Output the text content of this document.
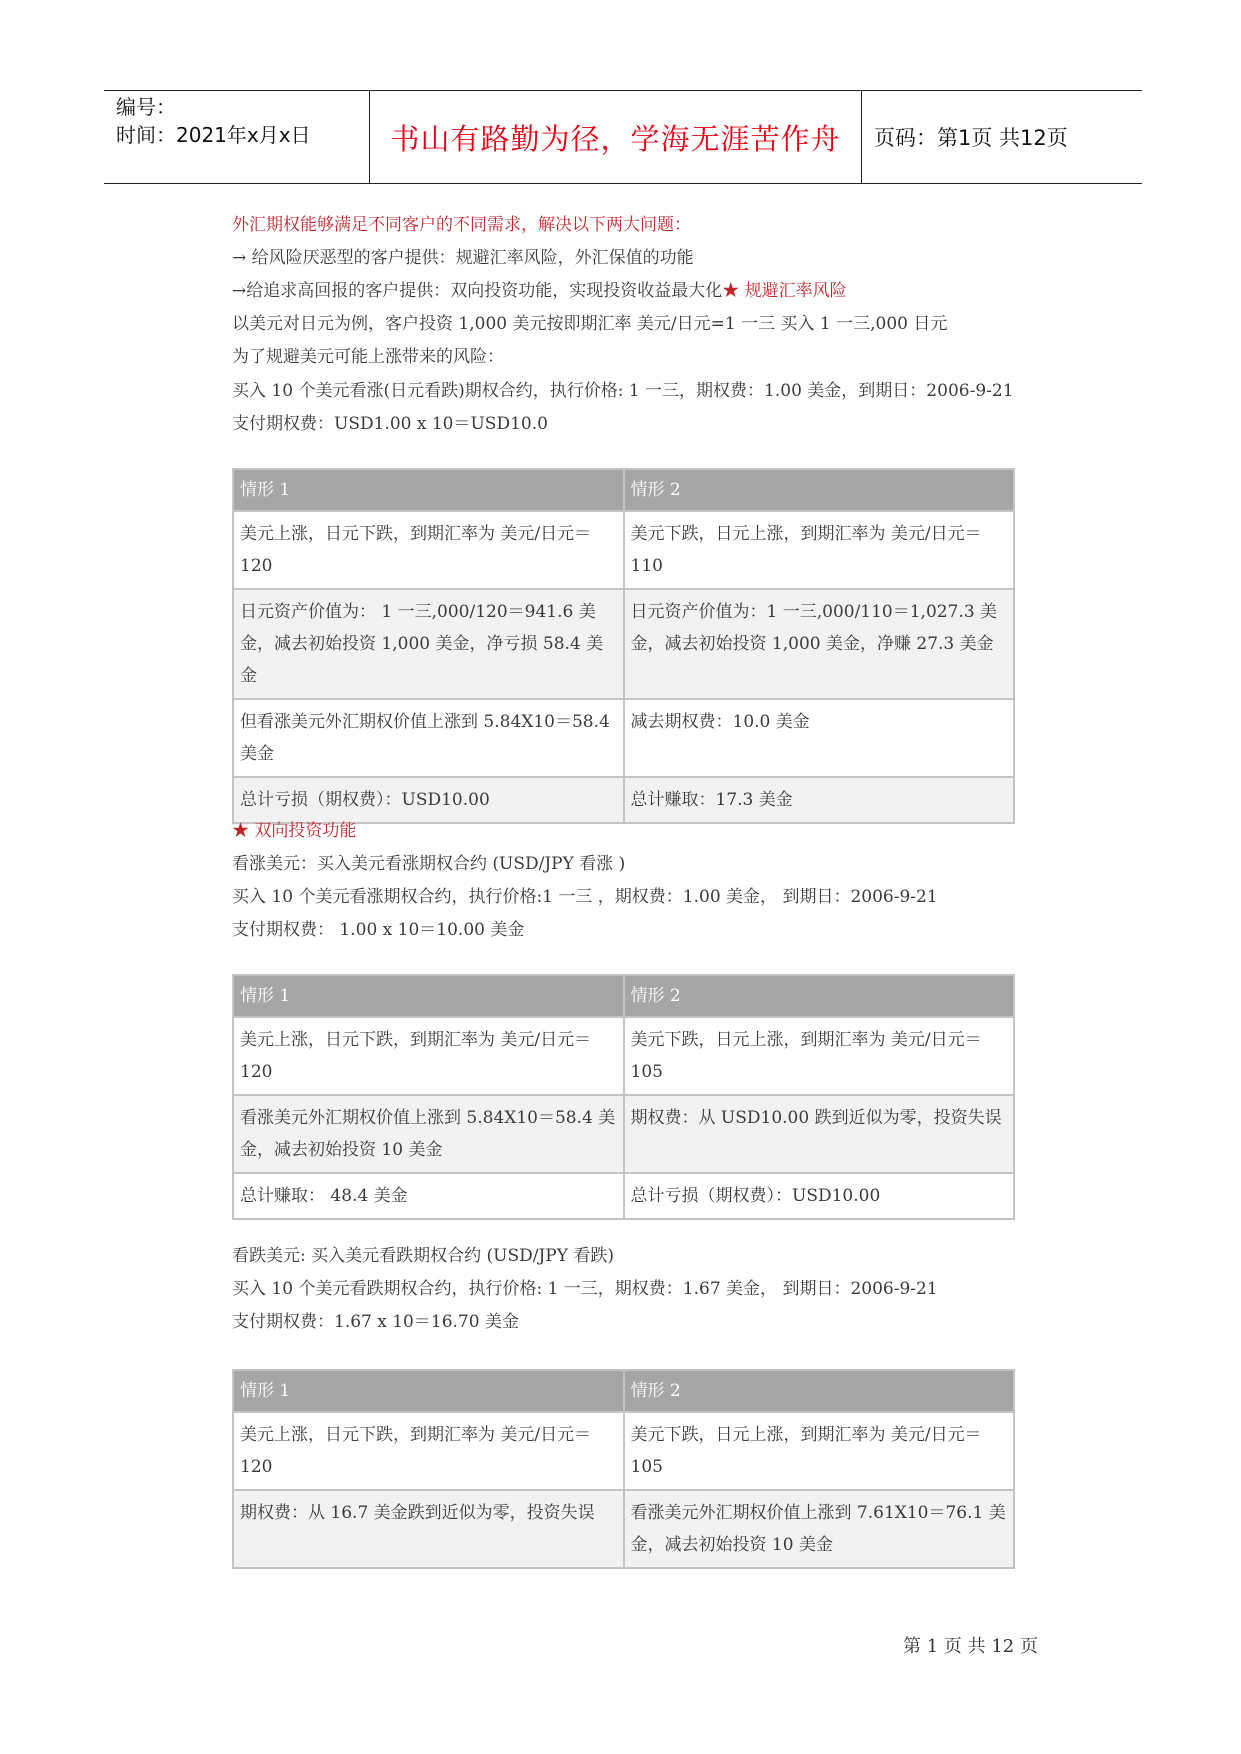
编号：
时间：2021年x月x日	书山有路勤为径，学海无涯苦作舟	页码：第1页 共12页
外汇期权能够满足不同客户的不同需求，解决以下两大问题：
→ 给风险厌恶型的客户提供：规避汇率风险，外汇保值的功能
→给追求高回报的客户提供：双向投资功能，实现投资收益最大化★ 规避汇率风险
以美元对日元为例，客户投资 1,000 美元按即期汇率 美元/日元=1 一三 买入 1 一三,000 日元
为了规避美元可能上涨带来的风险：
买入 10 个美元看涨(日元看跌)期权合约，执行价格: 1 一三，期权费：1.00 美金，到期日：2006-9-21
支付期权费：USD1.00 x 10＝USD10.0
情形 1	情形 2
美元上涨，日元下跌，到期汇率为 美元/日元＝120	美元下跌，日元上涨，到期汇率为 美元/日元＝110
日元资产价值为： 1 一三,000/120＝941.6 美金，减去初始投资 1,000 美金，净亏损 58.4 美金	日元资产价值为：1 一三,000/110＝1,027.3 美金，减去初始投资 1,000 美金，净赚 27.3 美金
但看涨美元外汇期权价值上涨到 5.84X10＝58.4 美金	减去期权费：10.0 美金
总计亏损（期权费）：USD10.00	总计赚取：17.3 美金
★ 双向投资功能
看涨美元：买入美元看涨期权合约 (USD/JPY 看涨 )
买入 10 个美元看涨期权合约，执行价格:1 一三 ，期权费：1.00 美金， 到期日：2006-9-21
支付期权费： 1.00 x 10＝10.00 美金
情形 1	情形 2
美元上涨，日元下跌，到期汇率为 美元/日元＝120	美元下跌，日元上涨，到期汇率为 美元/日元＝105
看涨美元外汇期权价值上涨到 5.84X10＝58.4 美金，减去初始投资 10 美金	期权费：从 USD10.00 跌到近似为零，投资失误
总计赚取： 48.4 美金	总计亏损（期权费）：USD10.00
看跌美元: 买入美元看跌期权合约 (USD/JPY 看跌)
买入 10 个美元看跌期权合约，执行价格: 1 一三，期权费：1.67 美金， 到期日：2006-9-21
支付期权费：1.67 x 10＝16.70 美金
情形 1	情形 2
美元上涨，日元下跌，到期汇率为 美元/日元＝120	美元下跌，日元上涨，到期汇率为 美元/日元＝105
期权费：从 16.7 美金跌到近似为零，投资失误	看涨美元外汇期权价值上涨到 7.61X10＝76.1 美金，减去初始投资 10 美金
第 1 页 共 12 页
